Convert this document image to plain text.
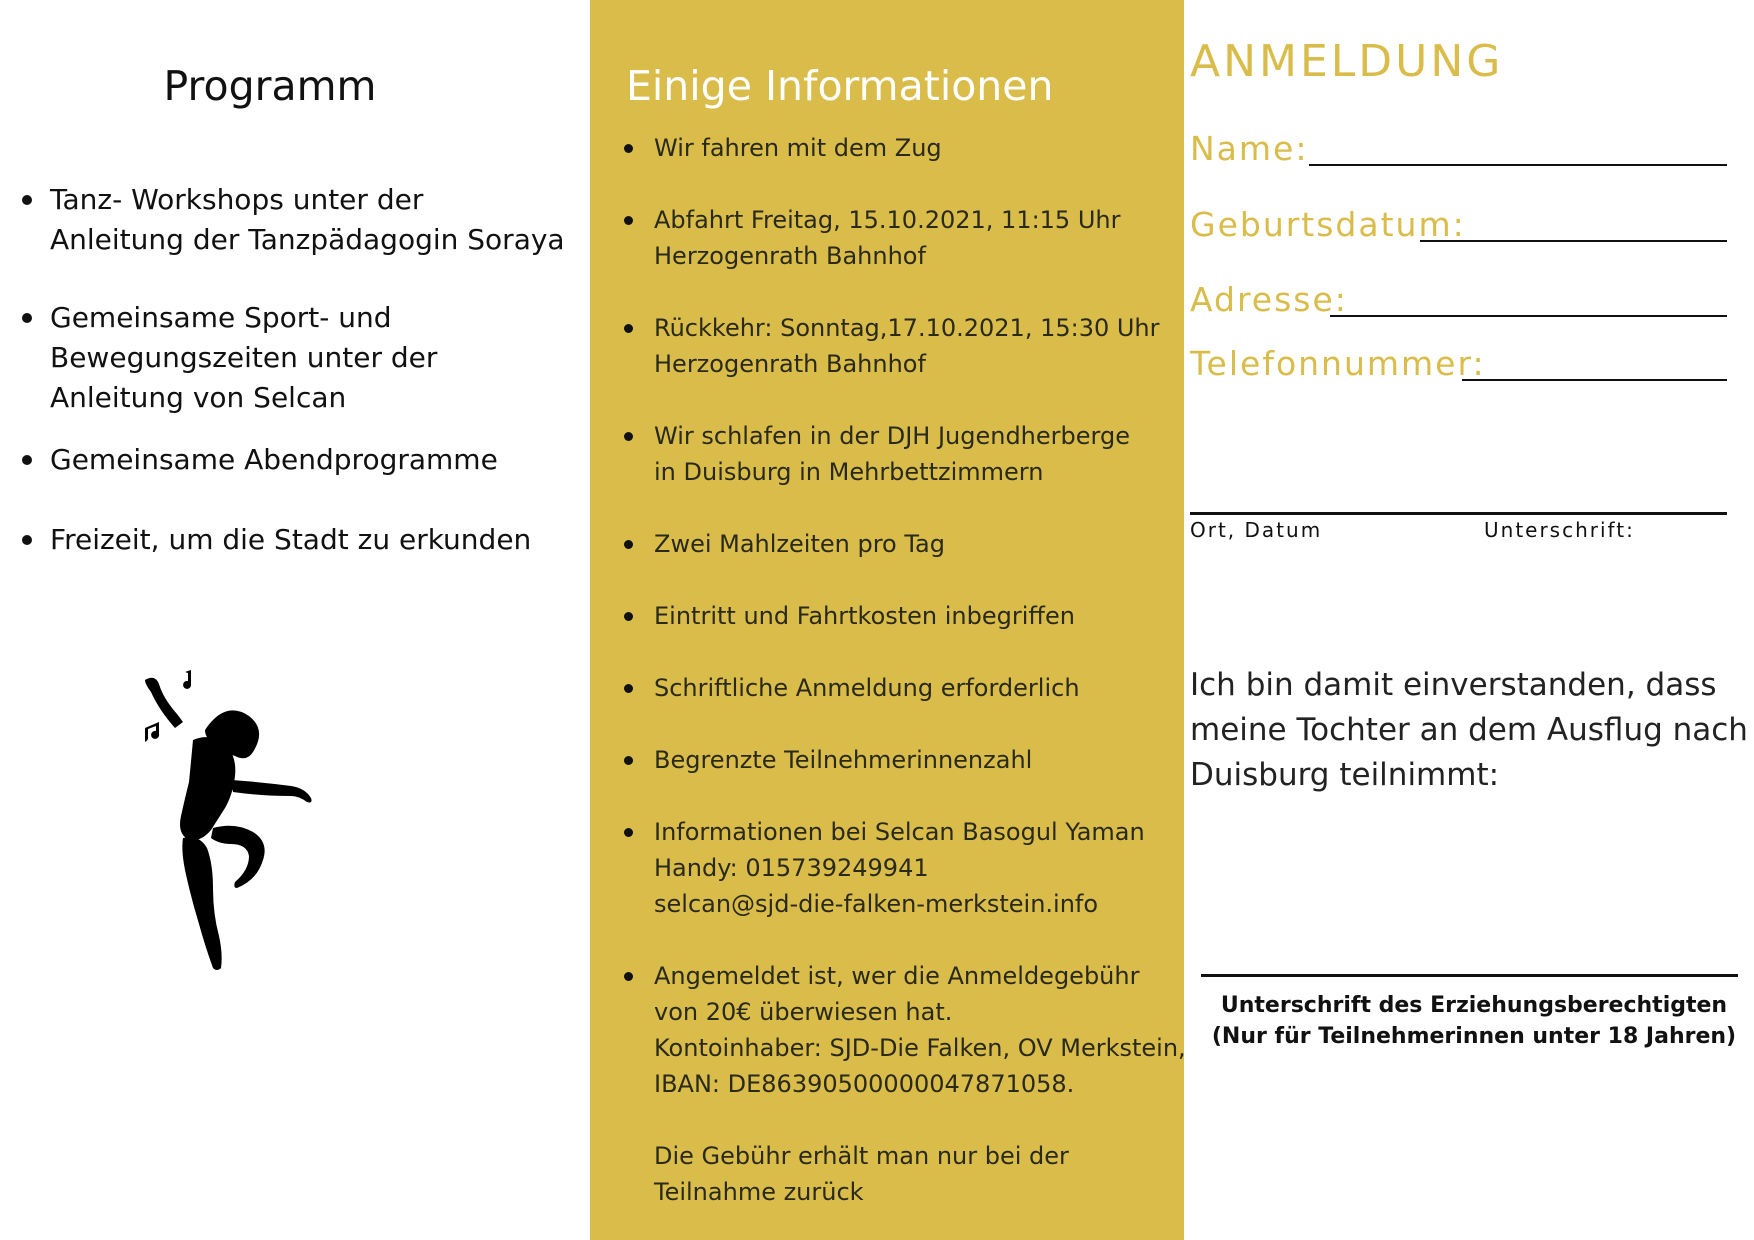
Programm
Tanz- Workshops unter der
Anleitung der Tanzpädagogin Soraya
Gemeinsame Sport- und
Bewegungszeiten unter der
Anleitung von Selcan
Gemeinsame Abendprogramme
Freizeit, um die Stadt zu erkunden
Einige Informationen
Wir fahren mit dem Zug
Abfahrt Freitag, 15.10.2021, 11:15 Uhr
Herzogenrath Bahnhof
Rückkehr: Sonntag,17.10.2021, 15:30 Uhr
Herzogenrath Bahnhof
Wir schlafen in der DJH Jugendherberge
in Duisburg in Mehrbettzimmern
Zwei Mahlzeiten pro Tag
Eintritt und Fahrtkosten inbegriffen
Schriftliche Anmeldung erforderlich
Begrenzte Teilnehmerinnenzahl
Informationen bei Selcan Basogul Yaman
Handy: 015739249941
selcan@sjd-die-falken-merkstein.info
Angemeldet ist, wer die Anmeldegebühr
von 20€ überwiesen hat.
Kontoinhaber: SJD-Die Falken, OV Merkstein,
IBAN: DE86390500000047871058.
Die Gebühr erhält man nur bei der
Teilnahme zurück
ANMELDUNG
Name:
Geburtsdatum:
Adresse:
Telefonnummer:
Ort, Datum	Unterschrift:
Ich bin damit einverstanden, dass meine Tochter an dem Ausflug nach Duisburg teilnimmt:
Unterschrift des Erziehungsberechtigten
(Nur für Teilnehmerinnen unter 18 Jahren)
